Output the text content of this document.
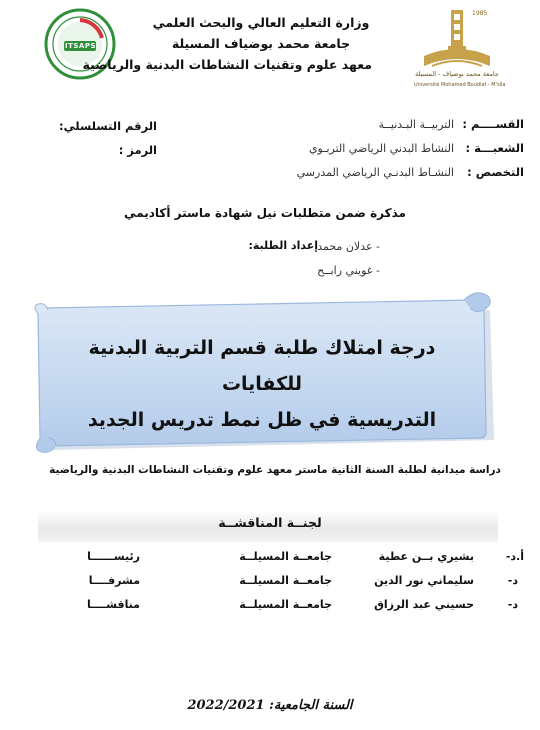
ITSAPS
وزارة التعليم العالي والبحث العلمي
جامعة محمد بوضياف المسيلة
معهد علوم وتقنيات النشاطات البدنية والرياضية
1985
جامعة محمد بوضياف - المسيلة
Université Mohamed Boudiaf - M'sila
القســــم :
التربيــة البـدنيــة
الشعبـــة :
النشاط البدني الرياضي التربـوي
التخصص :
النشـاط البدنـي الرياضي المدرسي
الرقم التسلسلي:
الرمز :
مذكرة ضمن متطلبات نيل شهادة ماستر أكاديمي
إعداد الطلبة: - عدلان محمد
- غويني رابــح
درجة امتلاك طلبة قسم التربية البدنية للكفايات
التدريسية في ظل نمط تدريس الجديد
دراسة ميدانية لطلبة السنة الثانية ماستر معهد علوم وتقنيات النشاطات البدنية والرياضية
لجنــة المناقشــة
أ.د-
بشيري بــن عطية
جامعــة المسيلــة
رئيســــــا
د-
سليماني نور الدين
جامعــة المسيلــة
مشرفــــا
د-
حسيني عبد الرزاق
جامعــة المسيلــة
مناقشــــا
السنة الجامعية: 2022/2021
